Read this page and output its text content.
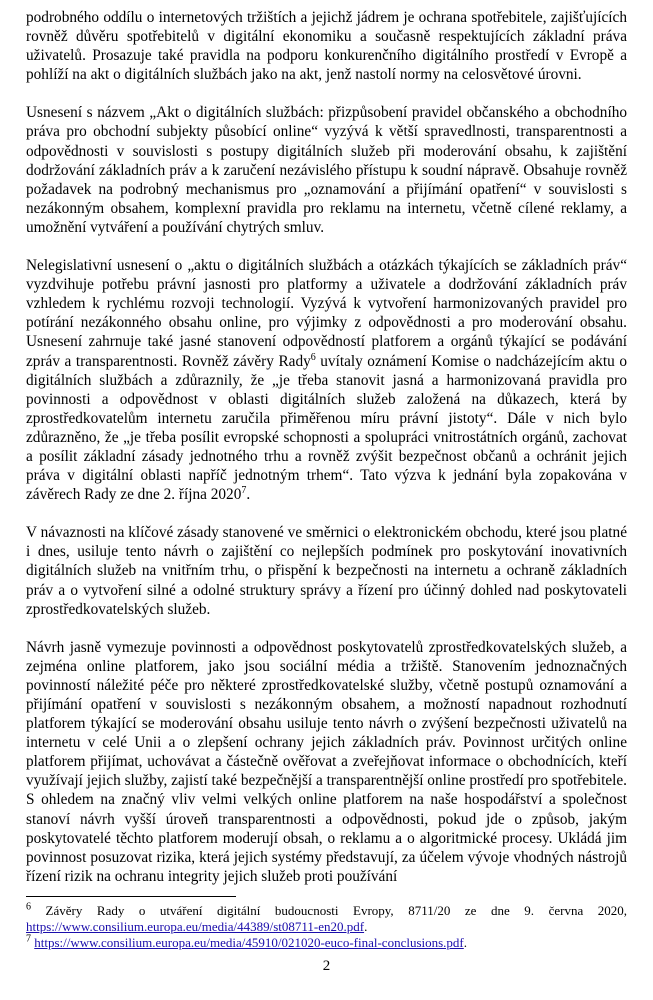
podrobného oddílu o internetových tržištích a jejichž jádrem je ochrana spotřebitele, zajišťujících rovněž důvěru spotřebitelů v digitální ekonomiku a současně respektujících základní práva uživatelů. Prosazuje také pravidla na podporu konkurenčního digitálního prostředí v Evropě a pohlíží na akt o digitálních službách jako na akt, jenž nastolí normy na celosvětové úrovni.

Usnesení s názvem „Akt o digitálních službách: přizpůsobení pravidel občanského a obchodního práva pro obchodní subjekty působící online“ vyzývá k větší spravedlnosti, transparentnosti a odpovědnosti v souvislosti s postupy digitálních služeb při moderování obsahu, k zajištění dodržování základních práv a k zaručení nezávislého přístupu k soudní nápravě. Obsahuje rovněž požadavek na podrobný mechanismus pro „oznamování a přijímání opatření“ v souvislosti s nezákonným obsahem, komplexní pravidla pro reklamu na internetu, včetně cílené reklamy, a umožnění vytváření a používání chytrých smluv.

Nelegislativní usnesení o „aktu o digitálních službách a otázkách týkajících se základních práv“ vyzdvihuje potřebu právní jasnosti pro platformy a uživatele a dodržování základních práv vzhledem k rychlému rozvoji technologií. Vyzývá k vytvoření harmonizovaných pravidel pro potírání nezákonného obsahu online, pro výjimky z odpovědnosti a pro moderování obsahu. Usnesení zahrnuje také jasné stanovení odpovědností platforem a orgánů týkající se podávání zpráv a transparentnosti. Rovněž závěry Rady$^6$ uvítaly oznámení Komise o nadcházejícím aktu o digitálních službách a zdůraznily, že „je třeba stanovit jasná a harmonizovaná pravidla pro povinnosti a odpovědnost v oblasti digitálních služeb založená na důkazech, která by zprostředkovatelům internetu zaručila přiměřenou míru právní jistoty“. Dále v nich bylo zdůrazněno, že „je třeba posílit evropské schopnosti a spolupráci vnitrostátních orgánů, zachovat a posílit základní zásady jednotného trhu a rovněž zvýšit bezpečnost občanů a ochránit jejich práva v digitální oblasti napříč jednotným trhem“. Tato výzva k jednání byla zopakována v závěrech Rady ze dne 2. října 2020$^7$.

V návaznosti na klíčové zásady stanovené ve směrnici o elektronickém obchodu, které jsou platné i dnes, usiluje tento návrh o zajištění co nejlepších podmínek pro poskytování inovativních digitálních služeb na vnitřním trhu, o přispění k bezpečnosti na internetu a ochraně základních práv a o vytvoření silné a odolné struktury správy a řízení pro účinný dohled nad poskytovateli zprostředkovatelských služeb.

Návrh jasně vymezuje povinnosti a odpovědnost poskytovatelů zprostředkovatelských služeb, a zejména online platforem, jako jsou sociální média a tržiště. Stanovením jednoznačných povinností náležité péče pro některé zprostředkovatelské služby, včetně postupů oznamování a přijímání opatření v souvislosti s nezákonným obsahem, a možností napadnout rozhodnutí platforem týkající se moderování obsahu usiluje tento návrh o zvýšení bezpečnosti uživatelů na internetu v celé Unii a o zlepšení ochrany jejich základních práv. Povinnost určitých online platforem přijímat, uchovávat a částečně ověřovat a zveřejňovat informace o obchodnících, kteří využívají jejich služby, zajistí také bezpečnější a transparentnější online prostředí pro spotřebitele. S ohledem na značný vliv velmi velkých online platforem na naše hospodářství a společnost stanoví návrh vyšší úroveň transparentnosti a odpovědnosti, pokud jde o způsob, jakým poskytovatelé těchto platforem moderují obsah, o reklamu a o algoritmické procesy. Ukládá jim povinnost posuzovat rizika, která jejich systémy představují, za účelem vývoje vhodných nástrojů řízení rizik na ochranu integrity jejich služeb proti používání

$^6$ Závěry Rady o utváření digitální budoucnosti Evropy, 8711/20 ze dne 9. června 2020, https://www.consilium.europa.eu/media/44389/st08711-en20.pdf.

$^7$ https://www.consilium.europa.eu/media/45910/021020-euco-final-conclusions.pdf.

2
